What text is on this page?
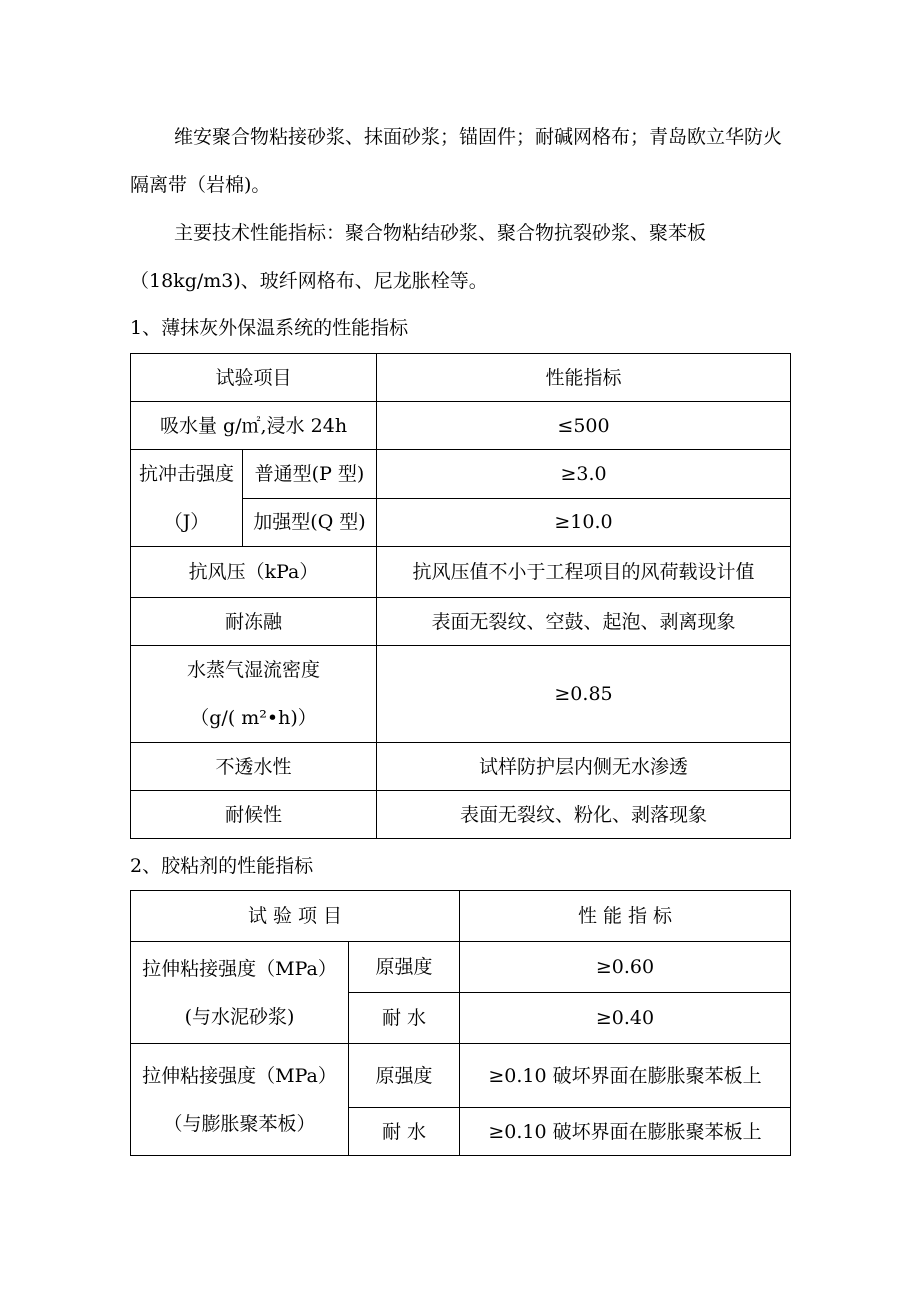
维安聚合物粘接砂浆、抹面砂浆；锚固件；耐碱网格布；青岛欧立华防火隔离带（岩棉)。

主要技术性能指标：聚合物粘结砂浆、聚合物抗裂砂浆、聚苯板（18kg/m3)、玻纤网格布、尼龙胀栓等。

1、薄抹灰外保温系统的性能指标

试验项目		性能指标
吸水量 g/㎡,浸水 24h		≤500
抗冲击强度（J）	普通型(P 型)	≥3.0
	加强型(Q 型)	≥10.0
抗风压（kPa）		抗风压值不小于工程项目的风荷载设计值
耐冻融		表面无裂纹、空鼓、起泡、剥离现象

水蒸气湿流密度
（g/( m²•h)）		≥0.85
不透水性		试样防护层内侧无水渗透
耐候性		表面无裂纹、粉化、剥落现象

2、胶粘剂的性能指标

试 验 项 目		性 能 指 标

拉伸粘接强度（MPa）
(与水泥砂浆)	原强度	≥0.60
	耐 水	≥0.40

拉伸粘接强度（MPa）
（与膨胀聚苯板）	原强度	≥0.10 破坏界面在膨胀聚苯板上
	耐 水	≥0.10 破坏界面在膨胀聚苯板上
